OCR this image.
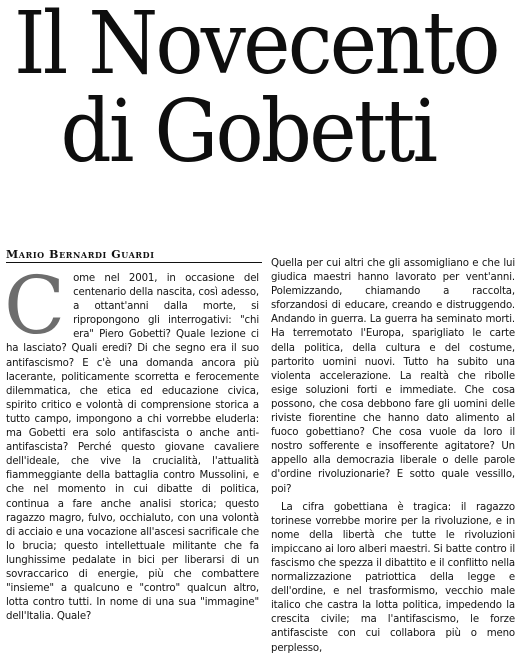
Il Novecento
di Gobetti
Mario Bernardi Guardi

Come nel 2001, in occasione del centenario della nascita, così adesso, a ottant'anni dalla morte, si ripropongono gli interrogativi: "chi era" Piero Gobetti? Quale lezione ci ha lasciato? Quali eredi? Di che segno era il suo antifascismo? E c'è una domanda ancora più lacerante, politicamente scorretta e ferocemente dilemmatica, che etica ed educazione civica, spirito critico e volontà di comprensione storica a tutto campo, impongono a chi vorrebbe eluderla: ma Gobetti era solo antifascista o anche anti-antifascista? Perché questo giovane cavaliere dell'ideale, che vive la crucialità, l'attualità fiammeggiante della battaglia contro Mussolini, e che nel momento in cui dibatte di politica, continua a fare anche analisi storica; questo ragazzo magro, fulvo, occhialuto, con una volontà di acciaio e una vocazione all'ascesi sacrificale che lo brucia; questo intellettuale militante che fa lunghissime pedalate in bici per liberarsi di un sovraccarico di energie, più che combattere "insieme" a qualcuno e "contro" qualcun altro, lotta contro tutti. In nome di una sua "immagine" dell'Italia. Quale?

Quella per cui altri che gli assomigliano e che lui giudica maestri hanno lavorato per vent'anni. Polemizzando, chiamando a raccolta, sforzandosi di educare, creando e distruggendo. Andando in guerra. La guerra ha seminato morti. Ha terremotato l'Europa, sparigliato le carte della politica, della cultura e del costume, partorito uomini nuovi. Tutto ha subito una violenta accelerazione. La realtà che ribolle esige soluzioni forti e immediate. Che cosa possono, che cosa debbono fare gli uomini delle riviste fiorentine che hanno dato alimento al fuoco gobettiano? Che cosa vuole da loro il nostro sofferente e insofferente agitatore? Un appello alla democrazia liberale o delle parole d'ordine rivoluzionarie? E sotto quale vessillo, poi?

La cifra gobettiana è tragica: il ragazzo torinese vorrebbe morire per la rivoluzione, e in nome della libertà che tutte le rivoluzioni impiccano ai loro alberi maestri. Si batte contro il fascismo che spezza il dibattito e il conflitto nella normalizzazione patriottica della legge e dell'ordine, e nel trasformismo, vecchio male italico che castra la lotta politica, impedendo la crescita civile; ma l'antifascismo, le forze antifasciste con cui collabora più o meno perplesso,
